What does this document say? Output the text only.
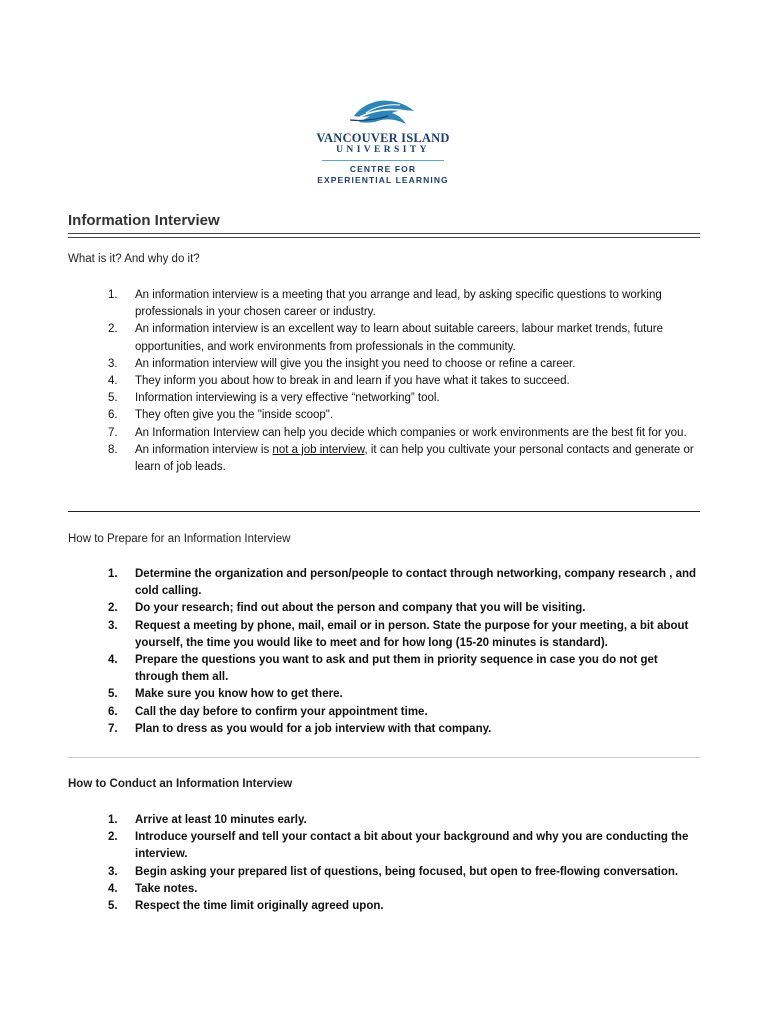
VANCOUVER ISLAND
UNIVERSITY
CENTRE FOR
EXPERIENTIAL LEARNING
Information Interview
What is it? And why do it?
1.	An information interview is a meeting that you arrange and lead, by asking specific questions to working professionals in your chosen career or industry.
2.	An information interview is an excellent way to learn about suitable careers, labour market trends, future opportunities, and work environments from professionals in the community.
3.	An information interview will give you the insight you need to choose or refine a career.
4.	They inform you about how to break in and learn if you have what it takes to succeed.
5.	Information interviewing is a very effective “networking” tool.
6.	They often give you the "inside scoop".
7.	An Information Interview can help you decide which companies or work environments are the best fit for you.
8.	An information interview is not a job interview, it can help you cultivate your personal contacts and generate or learn of job leads.
How to Prepare for an Information Interview
1.	Determine the organization and person/people to contact through networking, company research , and cold calling.
2.	Do your research; find out about the person and company that you will be visiting.
3.	Request a meeting by phone, mail, email or in person. State the purpose for your meeting, a bit about yourself, the time you would like to meet and for how long (15-20 minutes is standard).
4.	Prepare the questions you want to ask and put them in priority sequence in case you do not get through them all.
5.	Make sure you know how to get there.
6.	Call the day before to confirm your appointment time.
7.	Plan to dress as you would for a job interview with that company.
How to Conduct an Information Interview
1.	Arrive at least 10 minutes early.
2.	Introduce yourself and tell your contact a bit about your background and why you are conducting the interview.
3.	Begin asking your prepared list of questions, being focused, but open to free-flowing conversation.
4.	Take notes.
5.	Respect the time limit originally agreed upon.
